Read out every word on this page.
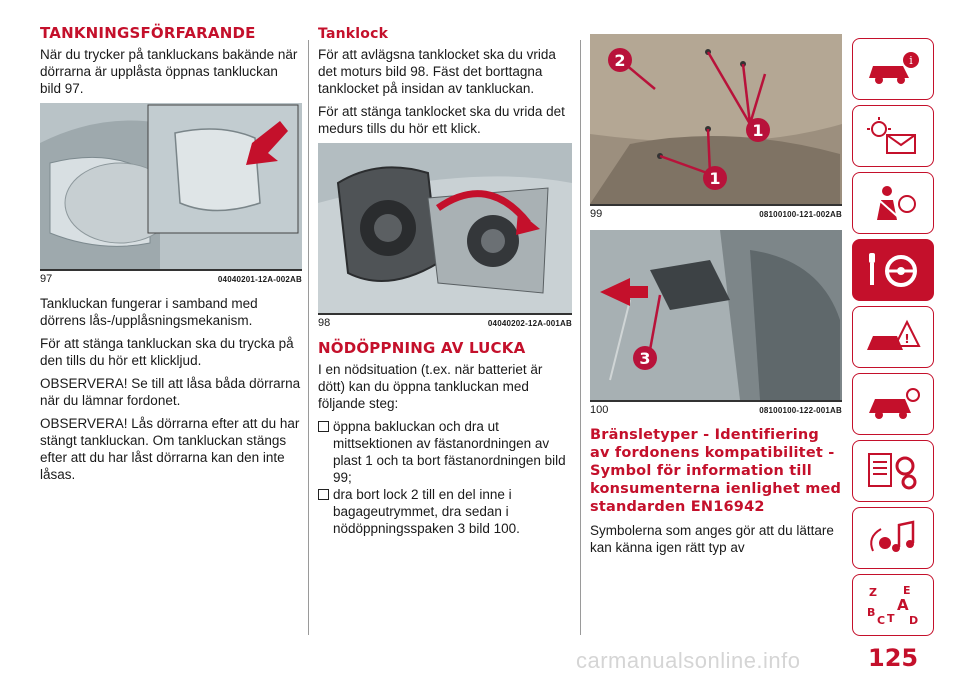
TANKNINGSFÖRFARANDE

När du trycker på tankluckans bakände när dörrarna är upplåsta öppnas tankluckan bild 97.

97	04040201-12A-002AB

Tankluckan fungerar i samband med dörrens lås-/upplåsningsmekanism.

För att stänga tankluckan ska du trycka på den tills du hör ett klickljud.

OBSERVERA! Se till att låsa båda dörrarna när du lämnar fordonet.

OBSERVERA! Lås dörrarna efter att du har stängt tankluckan. Om tankluckan stängs efter att du har låst dörrarna kan den inte låsas.

Tanklock

För att avlägsna tanklocket ska du vrida det moturs bild 98. Fäst det borttagna tanklocket på insidan av tankluckan.

För att stänga tanklocket ska du vrida det medurs tills du hör ett klick.

98	04040202-12A-001AB
NÖDÖPPNING AV LUCKA

I en nödsituation (t.ex. när batteriet är dött) kan du öppna tankluckan med följande steg:

öppna bakluckan och dra ut mittsektionen av fästanordningen av plast 1 och ta bort fästanordningen bild 99;
dra bort lock 2 till en del inne i bagageutrymmet, dra sedan i nödöppningsspaken 3 bild 100.
1
1
2
99	08100100-121-002AB
3
100	08100100-122-001AB
Bränsletyper - Identifiering av fordonens kompatibilitet - Symbol för information till konsumenterna ienlighet med standarden EN16942

Symbolerna som anges gör att du lättare kan känna igen rätt typ av

i
!
Z E
A
B
C T D
carmanualsonline.info	125
